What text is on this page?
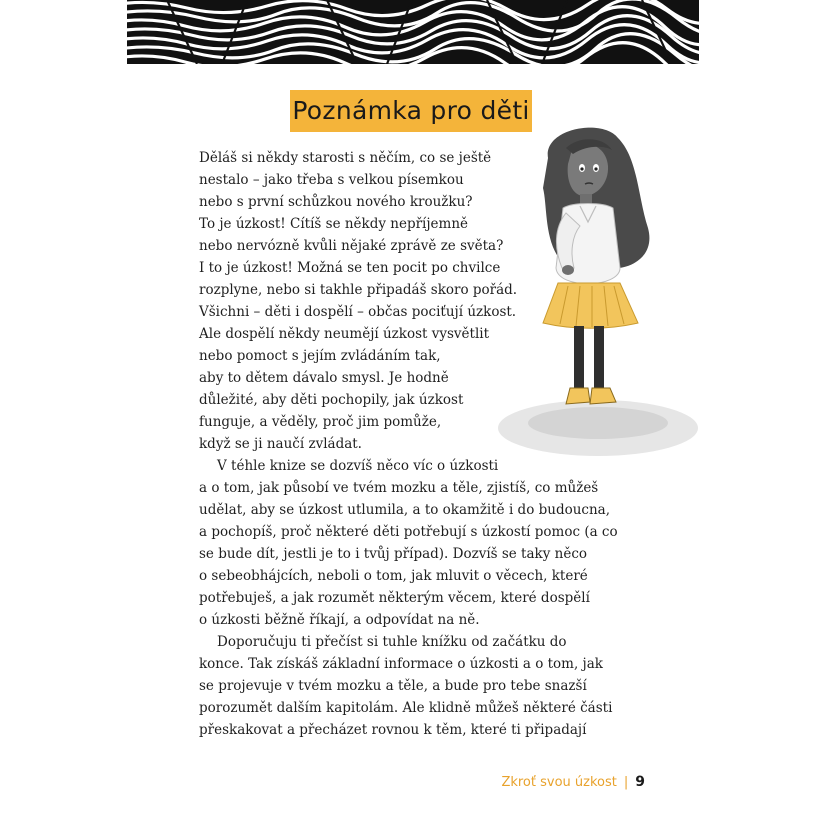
Poznámka pro děti
Děláš si někdy starosti s něčím, co se ještě
nestalo – jako třeba s velkou písemkou
nebo s první schůzkou nového kroužku?
To je úzkost! Cítíš se někdy nepříjemně
nebo nervózně kvůli nějaké zprávě ze světa?
I to je úzkost! Možná se ten pocit po chvilce
rozplyne, nebo si takhle připadáš skoro pořád.
Všichni – děti i dospělí – občas pociťují úzkost.
Ale dospělí někdy neumějí úzkost vysvětlit
nebo pomoct s jejím zvládáním tak,
aby to dětem dávalo smysl. Je hodně
důležité, aby děti pochopily, jak úzkost
funguje, a věděly, proč jim pomůže,
když se ji naučí zvládat.
V téhle knize se dozvíš něco víc o úzkosti
a o tom, jak působí ve tvém mozku a těle, zjistíš, co můžeš
udělat, aby se úzkost utlumila, a to okamžitě i do budoucna,
a pochopíš, proč některé děti potřebují s úzkostí pomoc (a co
se bude dít, jestli je to i tvůj případ). Dozvíš se taky něco
o sebeobhájcích, neboli o tom, jak mluvit o věcech, které
potřebuješ, a jak rozumět některým věcem, které dospělí
o úzkosti běžně říkají, a odpovídat na ně.
Doporučuju ti přečíst si tuhle knížku od začátku do
konce. Tak získáš základní informace o úzkosti a o tom, jak
se projevuje v tvém mozku a těle, a bude pro tebe snazší
porozumět dalším kapitolám. Ale klidně můžeš některé části
přeskakovat a přecházet rovnou k těm, které ti připadají
Zkroť svou úzkost | 9
